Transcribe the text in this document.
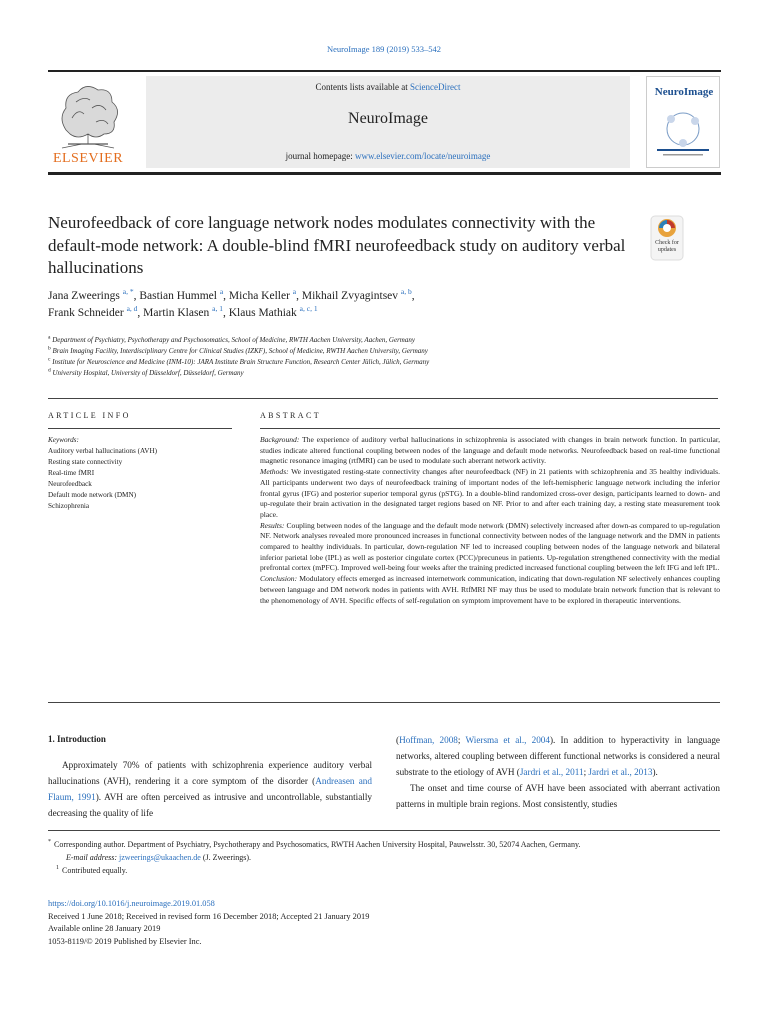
NeuroImage 189 (2019) 533–542
ELSEVIER
Contents lists available at ScienceDirect
NeuroImage
journal homepage: www.elsevier.com/locate/neuroimage
NeuroImage
Neurofeedback of core language network nodes modulates connectivity with the default-mode network: A double-blind fMRI neurofeedback study on auditory verbal hallucinations
Check for updates
Jana Zweerings $^{a, *}$, Bastian Hummel $^a$, Micha Keller $^a$, Mikhail Zvyagintsev $^{a, b}$,
Frank Schneider $^{a, d}$, Martin Klasen $^{a, 1}$, Klaus Mathiak $^{a, c, 1}$
$^a$ Department of Psychiatry, Psychotherapy and Psychosomatics, School of Medicine, RWTH Aachen University, Aachen, Germany
$^b$ Brain Imaging Facility, Interdisciplinary Centre for Clinical Studies (IZKF), School of Medicine, RWTH Aachen University, Germany
$^c$ Institute for Neuroscience and Medicine (INM-10): JARA Institute Brain Structure Function, Research Center Jülich, Jülich, Germany
$^d$ University Hospital, University of Düsseldorf, Düsseldorf, Germany
ARTICLE INFO	ABSTRACT
Keywords:
Auditory verbal hallucinations (AVH)
Resting state connectivity
Real-time fMRI
Neurofeedback
Default mode network (DMN)
Schizophrenia

Background: The experience of auditory verbal hallucinations in schizophrenia is associated with changes in brain network function. In particular, studies indicate altered functional coupling between nodes of the language and default mode networks. Neurofeedback based on real-time functional magnetic resonance imaging (rtfMRI) can be used to modulate such aberrant network activity.

Methods: We investigated resting-state connectivity changes after neurofeedback (NF) in 21 patients with schizophrenia and 35 healthy individuals. All participants underwent two days of neurofeedback training of important nodes of the left-hemispheric language network including the inferior frontal gyrus (IFG) and posterior superior temporal gyrus (pSTG). In a double-blind randomized cross-over design, participants learned to down- and up-regulate their brain activation in the designated target regions based on NF. Prior to and after each training day, a resting state measurement took place.

Results: Coupling between nodes of the language and the default mode network (DMN) selectively increased after down-as compared to up-regulation NF. Network analyses revealed more pronounced increases in functional connectivity between nodes of the language network and the DMN in patients compared to healthy individuals. In particular, down-regulation NF led to increased coupling between nodes of the language network and bilateral inferior parietal lobe (IPL) as well as posterior cingulate cortex (PCC)/precuneus in patients. Up-regulation strengthened connectivity with the medial prefrontal cortex (mPFC). Improved well-being four weeks after the training predicted increased functional coupling between the left IFG and left IPL.

Conclusion: Modulatory effects emerged as increased internetwork communication, indicating that down-regulation NF selectively enhances coupling between language and DM network nodes in patients with AVH. RtfMRI NF may thus be used to modulate brain network function that is relevant to the phenomenology of AVH. Specific effects of self-regulation on symptom improvement have to be explored in therapeutic interventions.

1. Introduction
Approximately 70% of patients with schizophrenia experience auditory verbal hallucinations (AVH), rendering it a core symptom of the disorder (Andreasen and Flaum, 1991). AVH are often perceived as intrusive and uncontrollable, substantially decreasing the quality of life
(Hoffman, 2008; Wiersma et al., 2004). In addition to hyperactivity in language networks, altered coupling between different functional networks is considered a neural substrate to the etiology of AVH (Jardri et al., 2011; Jardri et al., 2013).
The onset and time course of AVH have been associated with aberrant activation patterns in multiple brain regions. Most consistently, studies
* Corresponding author. Department of Psychiatry, Psychotherapy and Psychosomatics, RWTH Aachen University Hospital, Pauwelsstr. 30, 52074 Aachen, Germany.
E-mail address: jzweerings@ukaachen.de (J. Zweerings).
$^1$ Contributed equally.
https://doi.org/10.1016/j.neuroimage.2019.01.058
Received 1 June 2018; Received in revised form 16 December 2018; Accepted 21 January 2019
Available online 28 January 2019
1053-8119/© 2019 Published by Elsevier Inc.
